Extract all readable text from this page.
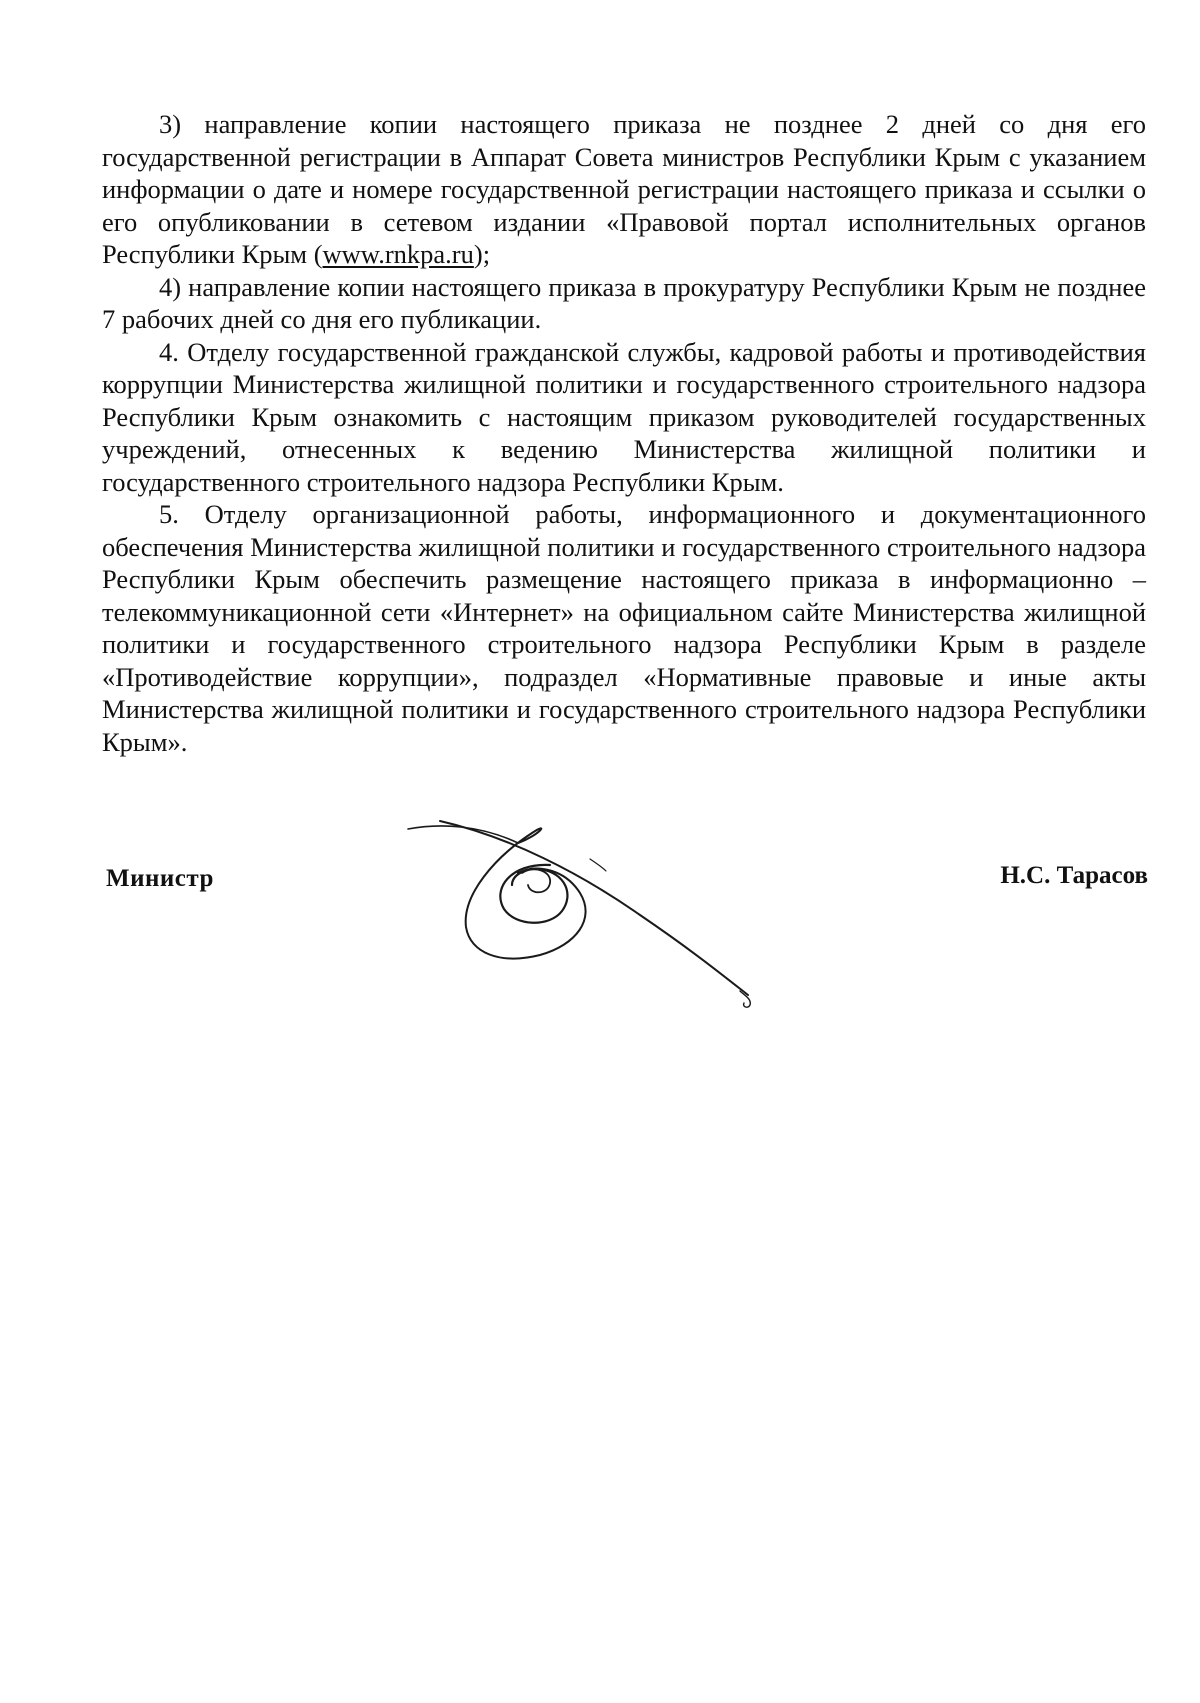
3) направление копии настоящего приказа не позднее 2 дней со дня его государственной регистрации в Аппарат Совета министров Республики Крым с указанием информации о дате и номере государственной регистрации настоящего приказа и ссылки о его опубликовании в сетевом издании «Правовой портал исполнительных органов Республики Крым (www.rnkpa.ru);

4) направление копии настоящего приказа в прокуратуру Республики Крым не позднее 7 рабочих дней со дня его публикации.

4. Отделу государственной гражданской службы, кадровой работы и противодействия коррупции Министерства жилищной политики и государственного строительного надзора Республики Крым ознакомить с настоящим приказом руководителей государственных учреждений, отнесенных к ведению Министерства жилищной политики и государственного строительного надзора Республики Крым.

5. Отделу организационной работы, информационного и документационного обеспечения Министерства жилищной политики и государственного строительного надзора Республики Крым обеспечить размещение настоящего приказа в информационно – телекоммуникационной сети «Интернет» на официальном сайте Министерства жилищной политики и государственного строительного надзора Республики Крым в разделе «Противодействие коррупции», подраздел «Нормативные правовые и иные акты Министерства жилищной политики и государственного строительного надзора Республики Крым».

Министр	Н.С. Тарасов
